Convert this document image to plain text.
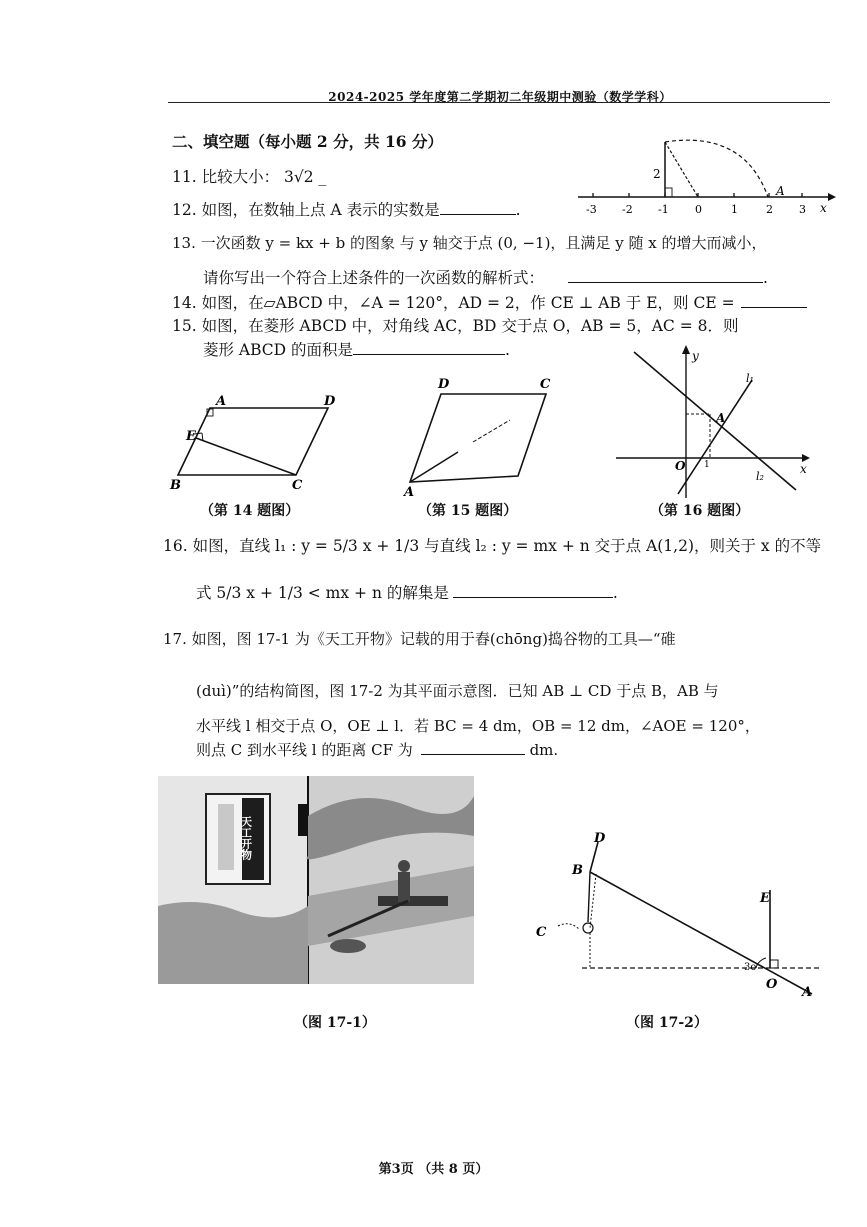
2024-2025 学年度第二学期初二年级期中测验（数学学科）
二、填空题（每小题 2 分，共 16 分）
11. 比较大小： 3√2 _
12. 如图，在数轴上点 A 表示的实数是	.
2
A
x
-3 -2 -1 0	1	2 3
13. 一次函数 y = kx + b 的图象 与 y 轴交于点 (0, −1)，且满足 y 随 x 的增大而减小，
请你写出一个符合上述条件的一次函数的解析式：	.
14. 如图，在▱ABCD 中，∠A = 120°，AD = 2，作 CE ⊥ AB 于 E，则 CE =
15. 如图，在菱形 ABCD 中，对角线 AC，BD 交于点 O，AB = 5，AC = 8．则
菱形 ABCD 的面积是	.
A	D
E
B	C
（第 14 题图）
D	C
A
（第 15 题图）
y
x
O 1
A
l₁
l₂
（第 16 题图）
16. 如图，直线 l₁ : y = 5/3 x + 1/3 与直线 l₂ : y = mx + n 交于点 A(1,2)，则关于 x 的不等
式 5/3 x + 1/3 < mx + n 的解集是	.
17. 如图，图 17-1 为《天工开物》记载的用于舂(chōng)捣谷物的工具—“碓
(duì)”的结构简图，图 17-2 为其平面示意图．已知 AB ⊥ CD 于点 B，AB 与
水平线 l 相交于点 O，OE ⊥ l．若 BC = 4 dm，OB = 12 dm，∠AOE = 120°，
则点 C 到水平线 l 的距离 CF 为	dm.
天工开物
（图 17-1）
D
B
C
E
O
A
3o
（图 17-2）
第3页 （共 8 页）
